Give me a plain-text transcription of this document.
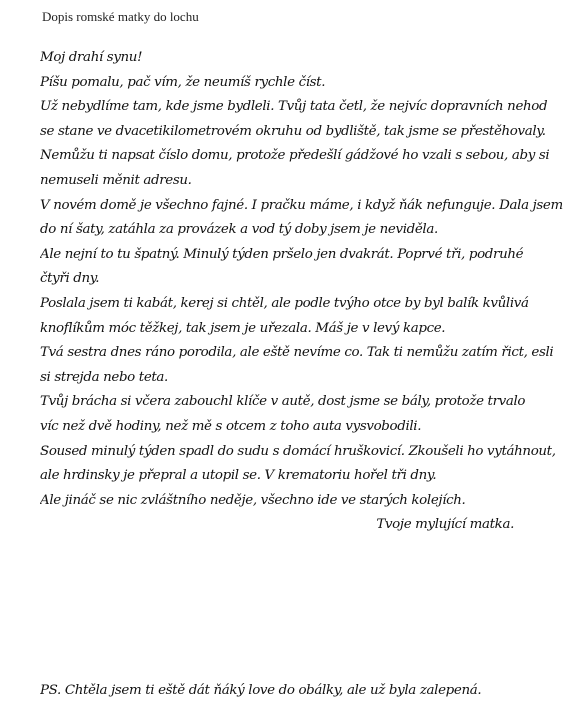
Dopis romské matky do lochu
Moj drahí synu!
Píšu pomalu, pač vím, že neumíš rychle číst.
Už nebydlíme tam, kde jsme bydleli. Tvůj tata četl, že nejvíc dopravních nehod
se stane ve dvacetikilometrovém okruhu od bydliště, tak jsme se přestěhovaly.
Nemůžu ti napsat číslo domu, protože předešlí gádžové ho vzali s sebou, aby si
nemuseli měnit adresu.
V novém domě je všechno fajné. I pračku máme, i když ňák nefunguje. Dala jsem
do ní šaty, zatáhla za provázek a vod tý doby jsem je neviděla.
Ale nejní to tu špatný. Minulý týden pršelo jen dvakrát. Poprvé tři, podruhé
čtyři dny.
Poslala jsem ti kabát, kerej si chtěl, ale podle tvýho otce by byl balík kvůlivá
knoflíkům móc těžkej, tak jsem je uřezala. Máš je v levý kapce.
Tvá sestra dnes ráno porodila, ale eště nevíme co. Tak ti nemůžu zatím řict, esli
si strejda nebo teta.
Tvůj brácha si včera zabouchl klíče v autě, dost jsme se bály, protože trvalo
víc než dvě hodiny, než mě s otcem z toho auta vysvobodili.
Soused minulý týden spadl do sudu s domácí hruškovicí. Zkoušeli ho vytáhnout,
ale hrdinsky je přepral a utopil se. V krematoriu hořel tři dny.
Ale jináč se nic zvláštního neděje, všechno ide ve starých kolejích.
Tvoje mylující matka.
PS. Chtěla jsem ti eště dát ňáký love do obálky, ale už byla zalepená.
